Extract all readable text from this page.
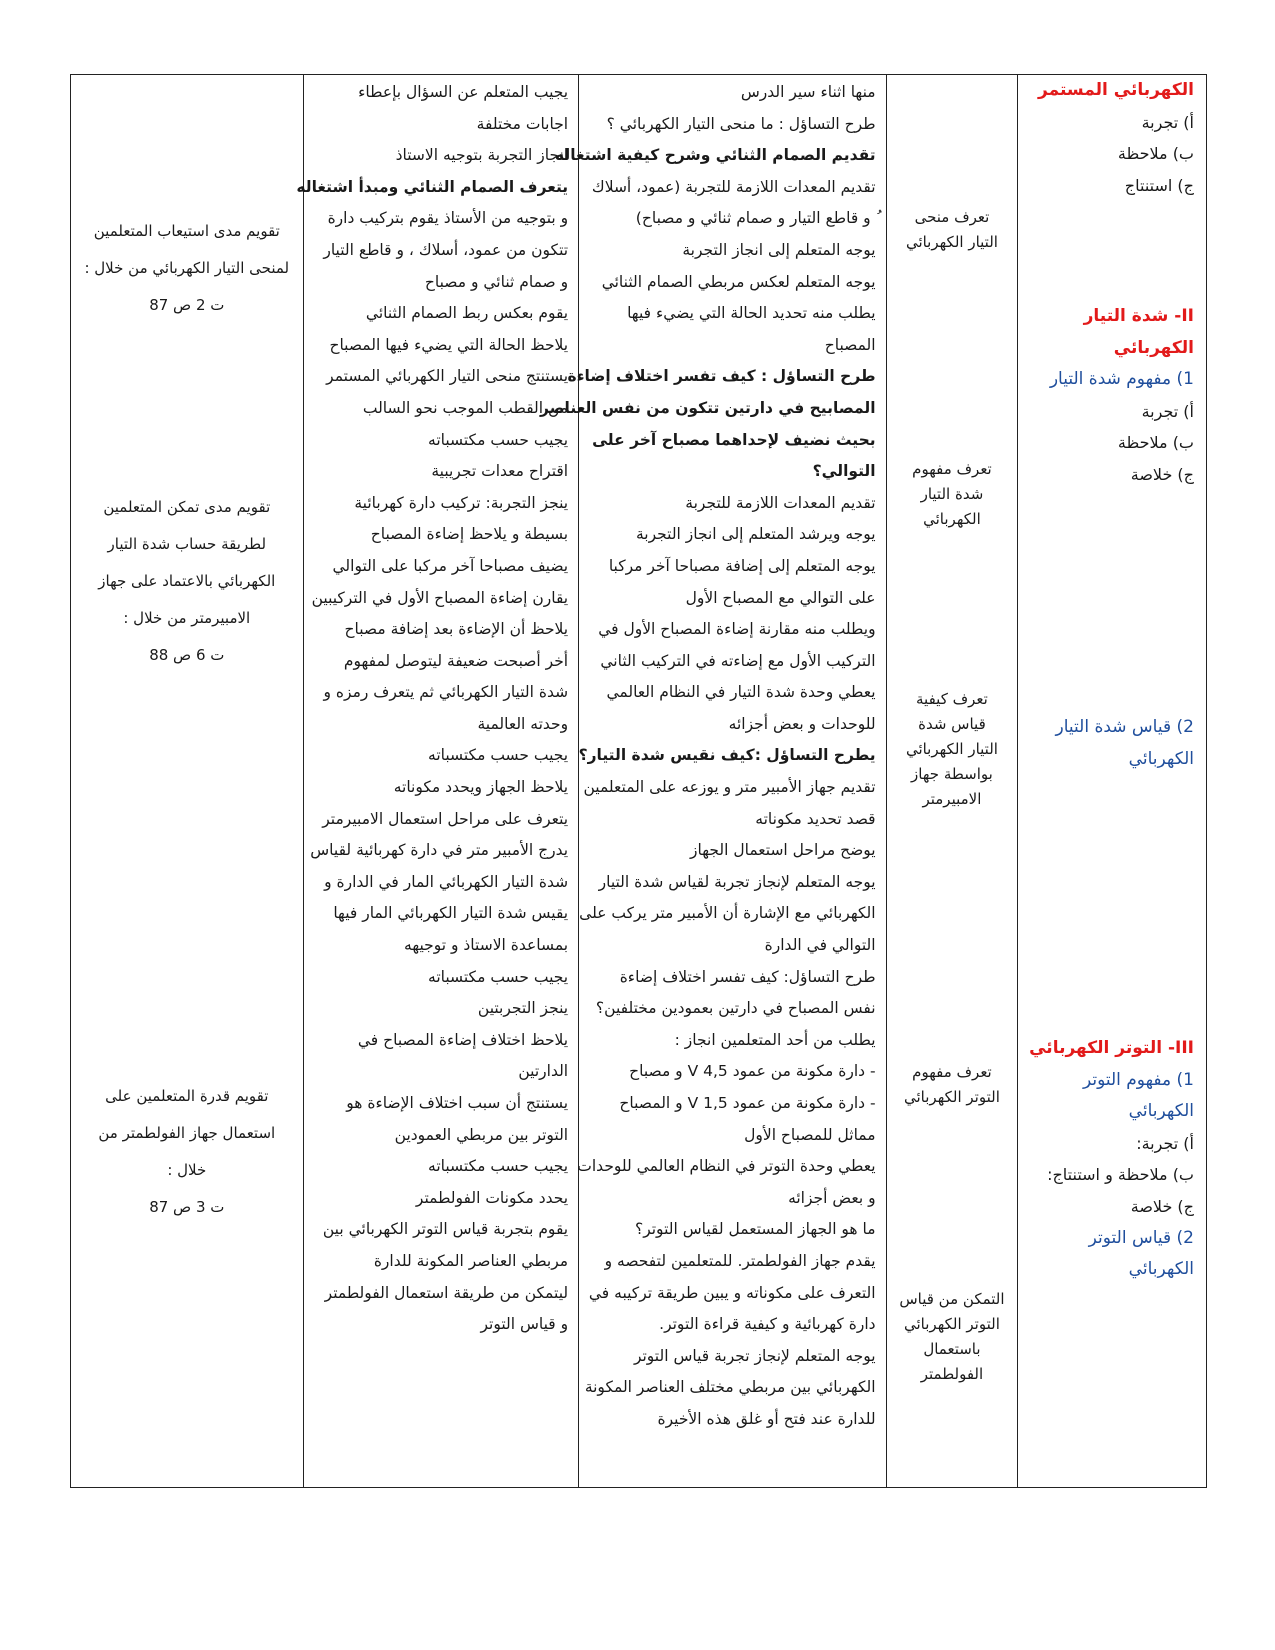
الكهربائي المستمر
أ) تجربة
ب) ملاحظة
ج) استنتاج
II- شدة التيار
الكهربائي
1) مفهوم شدة التيار
أ) تجربة
ب) ملاحظة
ج) خلاصة
2) قياس شدة التيار
الكهربائي
III- التوتر الكهربائي
1) مفهوم التوتر
الكهربائي
أ) تجربة:
ب) ملاحظة و استنتاج:
ج) خلاصة
2) قياس التوتر
الكهربائي
تعرف منحى
التيار الكهربائي
تعرف مفهوم
شدة التيار
الكهربائي
تعرف كيفية
قياس شدة
التيار الكهربائي
بواسطة جهاز
الامبيرمتر
تعرف مفهوم
التوتر الكهربائي
التمكن من قياس
التوتر الكهربائي
باستعمال
الفولطمتر
منها اثناء سير الدرس
طرح التساؤل : ما منحى التيار الكهربائي ؟
تقديم الصمام الثنائي وشرح كيفية اشتغاله
تقديم المعدات اللازمة للتجربة (عمود، أسلاك
ُ و قاطع التيار و صمام ثنائي و مصباح)
يوجه المتعلم إلى انجاز التجربة
يوجه المتعلم لعكس مربطي الصمام الثنائي
يطلب منه تحديد الحالة التي يضيء فيها
المصباح
طرح التساؤل : كيف تفسر اختلاف إضاءة
المصابيح في دارتين تتكون من نفس العناصر
بحيث نضيف لإحداهما مصباح آخر على
التوالي؟
تقديم المعدات اللازمة للتجربة
يوجه ويرشد المتعلم إلى انجاز التجربة
يوجه المتعلم إلى إضافة مصباحا آخر مركبا
على التوالي مع المصباح الأول
ويطلب منه مقارنة إضاءة المصباح الأول في
التركيب الأول مع إضاءته في التركيب الثاني
يعطي وحدة شدة التيار في النظام العالمي
للوحدات و بعض أجزائه
يطرح التساؤل :كيف نقيس شدة التيار؟
تقديم جهاز الأمبير متر و يوزعه على المتعلمين
قصد تحديد مكوناته
يوضح مراحل استعمال الجهاز
يوجه المتعلم لإنجاز تجربة لقياس شدة التيار
الكهربائي مع الإشارة أن الأمبير متر يركب على
التوالي في الدارة
طرح التساؤل: كيف تفسر اختلاف إضاءة
نفس المصباح في دارتين بعمودين مختلفين؟
يطلب من أحد المتعلمين انجاز :
- دارة مكونة من عمود 4,5 V و مصباح
- دارة مكونة من عمود 1,5 V و المصباح
مماثل للمصباح الأول
يعطي وحدة التوتر في النظام العالمي للوحدات
و بعض أجزائه
ما هو الجهاز المستعمل لقياس التوتر؟
يقدم جهاز الفولطمتر. للمتعلمين لتفحصه و
التعرف على مكوناته و يبين طريقة تركيبه في
دارة كهربائية و كيفية قراءة التوتر.
يوجه المتعلم لإنجاز تجربة قياس التوتر
الكهربائي بين مربطي مختلف العناصر المكونة
للدارة عند فتح أو غلق هذه الأخيرة
يجيب المتعلم عن السؤال بإعطاء
اجابات مختلفة
انجاز التجربة بتوجيه الاستاذ
يتعرف الصمام الثنائي ومبدأ اشتغاله
و بتوجيه من الأستاذ يقوم بتركيب دارة
تتكون من عمود، أسلاك ، و قاطع التيار
و صمام ثنائي و مصباح
يقوم بعكس ربط الصمام الثنائي
يلاحظ الحالة التي يضيء فيها المصباح
يستنتج منحى التيار الكهربائي المستمر
من القطب الموجب نحو السالب
يجيب حسب مكتسباته
اقتراح معدات تجريبية
ينجز التجربة: تركيب دارة كهربائية
بسيطة و يلاحظ إضاءة المصباح
يضيف مصباحا آخر مركبا على التوالي
يقارن إضاءة المصباح الأول في التركيبين
يلاحظ أن الإضاءة بعد إضافة مصباح
أخر أصبحت ضعيفة ليتوصل لمفهوم
شدة التيار الكهربائي ثم يتعرف رمزه و
وحدته العالمية
يجيب حسب مكتسباته
يلاحظ الجهاز ويحدد مكوناته
يتعرف على مراحل استعمال الامبيرمتر
يدرج الأمبير متر في دارة كهربائية لقياس
شدة التيار الكهربائي المار في الدارة و
يقيس شدة التيار الكهربائي المار فيها
بمساعدة الاستاذ و توجيهه
يجيب حسب مكتسباته
ينجز التجربتين
يلاحظ اختلاف إضاءة المصباح في
الدارتين
يستنتج أن سبب اختلاف الإضاءة هو
التوتر بين مربطي العمودين
يجيب حسب مكتسباته
يحدد مكونات الفولطمتر
يقوم بتجربة قياس التوتر الكهربائي بين
مربطي العناصر المكونة للدارة
ليتمكن من طريقة استعمال الفولطمتر
و قياس التوتر
تقويم مدى استيعاب المتعلمين
لمنحى التيار الكهربائي من خلال :
ت 2 ص 87
تقويم مدى تمكن المتعلمين
لطريقة حساب شدة التيار
الكهربائي بالاعتماد على جهاز
الامبيرمتر من خلال :
ت 6 ص 88
تقويم قدرة المتعلمين على
استعمال جهاز الفولطمتر من
خلال :
ت 3 ص 87
